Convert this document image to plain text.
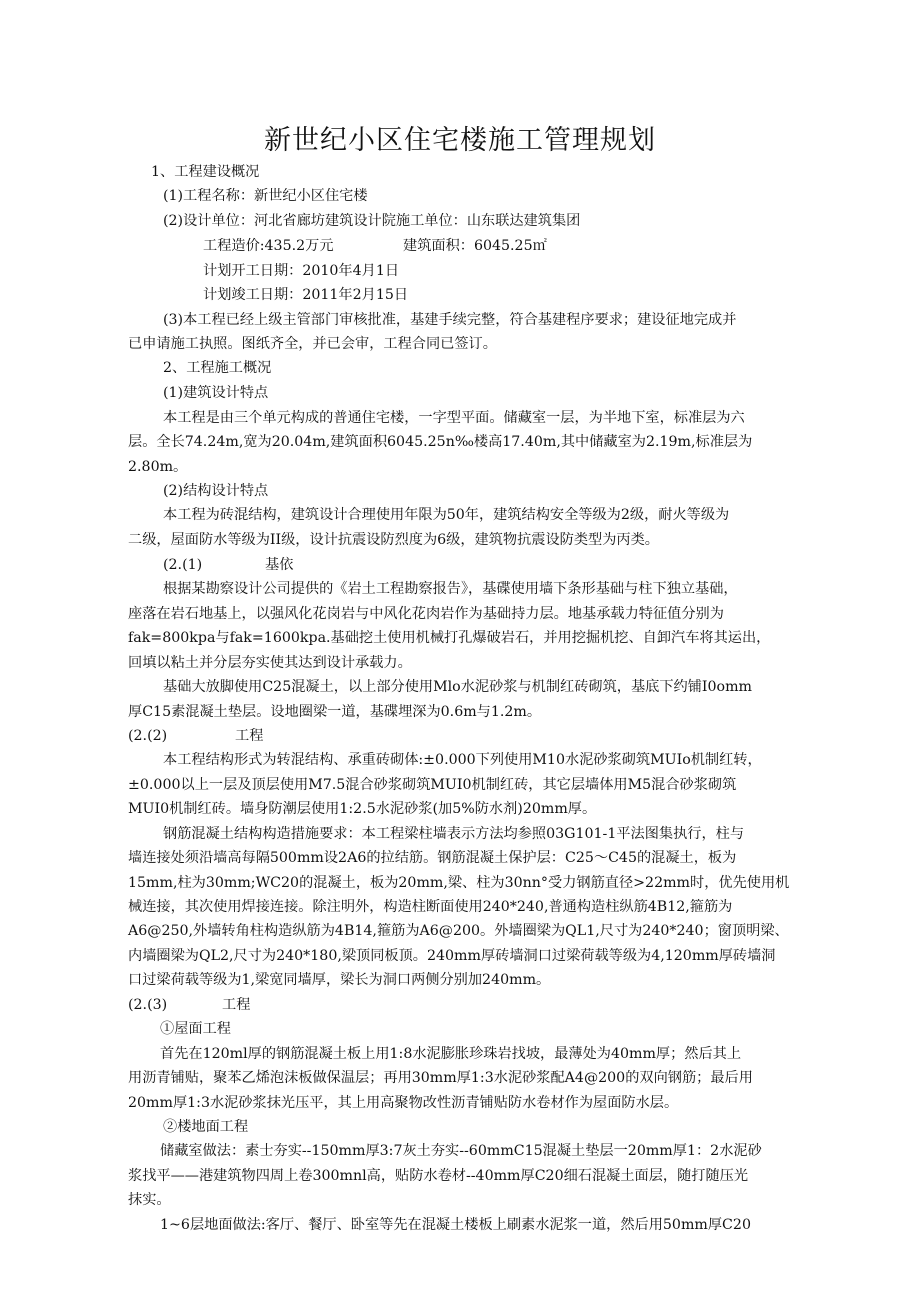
新世纪小区住宅楼施工管理规划
1、工程建设概况
(1)工程名称：新世纪小区住宅楼
(2)设计单位：河北省廊坊建筑设计院施工单位：山东联达建筑集团
工程造价:435.2万元	建筑面积：6045.25㎡
计划开工日期：2010年4月1日
计划竣工日期：2011年2月15日
(3)本工程已经上级主管部门审核批准，基建手续完整，符合基建程序要求；建设征地完成并
已申请施工执照。图纸齐全，并已会审，工程合同已签订。
2、工程施工概况
(1)建筑设计特点
本工程是由三个单元构成的普通住宅楼，一字型平面。储藏室一层，为半地下室，标准层为六
层。全长74.24m,宽为20.04m,建筑面积6045.25n‰楼高17.40m,其中储藏室为2.19m,标准层为
2.80m。
(2)结构设计特点
本工程为砖混结构，建筑设计合理使用年限为50年，建筑结构安全等级为2级，耐火等级为
二级，屋面防水等级为II级，设计抗震设防烈度为6级，建筑物抗震设防类型为丙类。
(2.(1)	基依
根据某勘察设计公司提供的《岩土工程勘察报告》，基碟使用墙下条形基础与柱下独立基础，
座落在岩石地基上，以强风化花岗岩与中风化花肉岩作为基础持力层。地基承载力特征值分别为
fak=800kpa与fak=1600kpa.基础挖土使用机械打孔爆破岩石，并用挖掘机挖、自卸汽车将其运出，
回填以粘土并分层夯实使其达到设计承载力。
基础大放脚使用C25混凝土，以上部分使用Mlo水泥砂浆与机制红砖砌筑，基底下约铺I0omm
厚C15素混凝土垫层。设地圈梁一道，基碟埋深为0.6m与1.2m。
(2.(2)	工程
本工程结构形式为转混结构、承重砖砌体:±0.000下列使用M10水泥砂浆砌筑MUIo机制红转，
±0.000以上一层及顶层使用M7.5混合砂浆砌筑MUI0机制红砖，其它层墙体用M5混合砂浆砌筑
MUI0机制红砖。墙身防潮层使用1:2.5水泥砂浆(加5%防水剂)20mm厚。
钢筋混凝土结构构造措施要求：本工程梁柱墙表示方法均参照03G101-1平法图集执行，柱与
墙连接处须沿墙高每隔500mm设2A6的拉结筋。钢筋混凝土保护层：C25～C45的混凝土，板为
15mm,柱为30mm;WC20的混凝土，板为20mm,梁、柱为30nn°受力钢筋直径>22mm时，优先使用机
械连接，其次使用焊接连接。除注明外，构造柱断面使用240*240,普通构造柱纵筋4B12,箍筋为
A6@250,外墙转角柱构造纵筋为4B14,箍筋为A6@200。外墙圈梁为QL1,尺寸为240*240；窗顶明梁、
内墙圈梁为QL2,尺寸为240*180,梁顶同板顶。240mm厚砖墙洞口过梁荷载等级为4,120mm厚砖墙洞
口过梁荷载等级为1,梁宽同墙厚，梁长为洞口两侧分别加240mm。
(2.(3)	工程
①屋面工程
首先在120ml厚的钢筋混凝土板上用1:8水泥膨胀珍珠岩找坡，最薄处为40mm厚；然后其上
用沥青铺贴，聚苯乙烯泡沫板做保温层；再用30mm厚1:3水泥砂浆配A4@200的双向钢筋；最后用
20mm厚1:3水泥砂浆抹光压平，其上用高聚物改性沥青铺贴防水卷材作为屋面防水层。
②楼地面工程
储藏室做法：素士夯实--150mm厚3:7灰土夯实--60mmC15混凝土垫层一20mm厚1：2水泥砂
浆找平——港建筑物四周上卷300mnl高，贴防水卷材--40mm厚C20细石混凝土面层，随打随压光
抹实。
1~6层地面做法:客厅、餐厅、卧室等先在混凝土楼板上刷素水泥浆一道，然后用50mm厚C20
